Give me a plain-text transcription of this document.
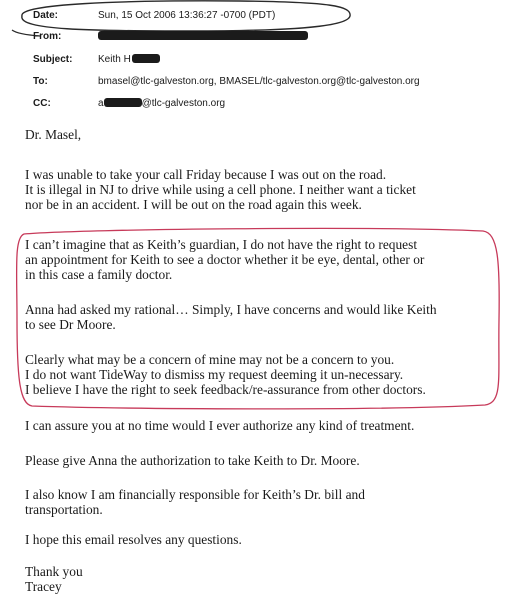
Date:	Sun, 15 Oct 2006 13:36:27 -0700 (PDT)
From:
Subject:	Keith H
To:	bmasel@tlc-galveston.org, BMASEL/tlc-galveston.org@tlc-galveston.org
CC:	a	@tlc-galveston.org

Dr. Masel,

I was unable to take your call Friday because I was out on the road.
It is illegal in NJ to drive while using a cell phone. I neither want a ticket
nor be in an accident. I will be out on the road again this week.

I can’t imagine that as Keith’s guardian, I do not have the right to request
an appointment for Keith to see a doctor whether it be eye, dental, other or
in this case a family doctor.

Anna had asked my rational… Simply, I have concerns and would like Keith
to see Dr Moore.

Clearly what may be a concern of mine may not be a concern to you.
I do not want TideWay to dismiss my request deeming it un-necessary.
I believe I have the right to seek feedback/re-assurance from other doctors.

I can assure you at no time would I ever authorize any kind of treatment.

Please give Anna the authorization to take Keith to Dr. Moore.

I also know I am financially responsible for Keith’s Dr. bill and
transportation.

I hope this email resolves any questions.

Thank you
Tracey
